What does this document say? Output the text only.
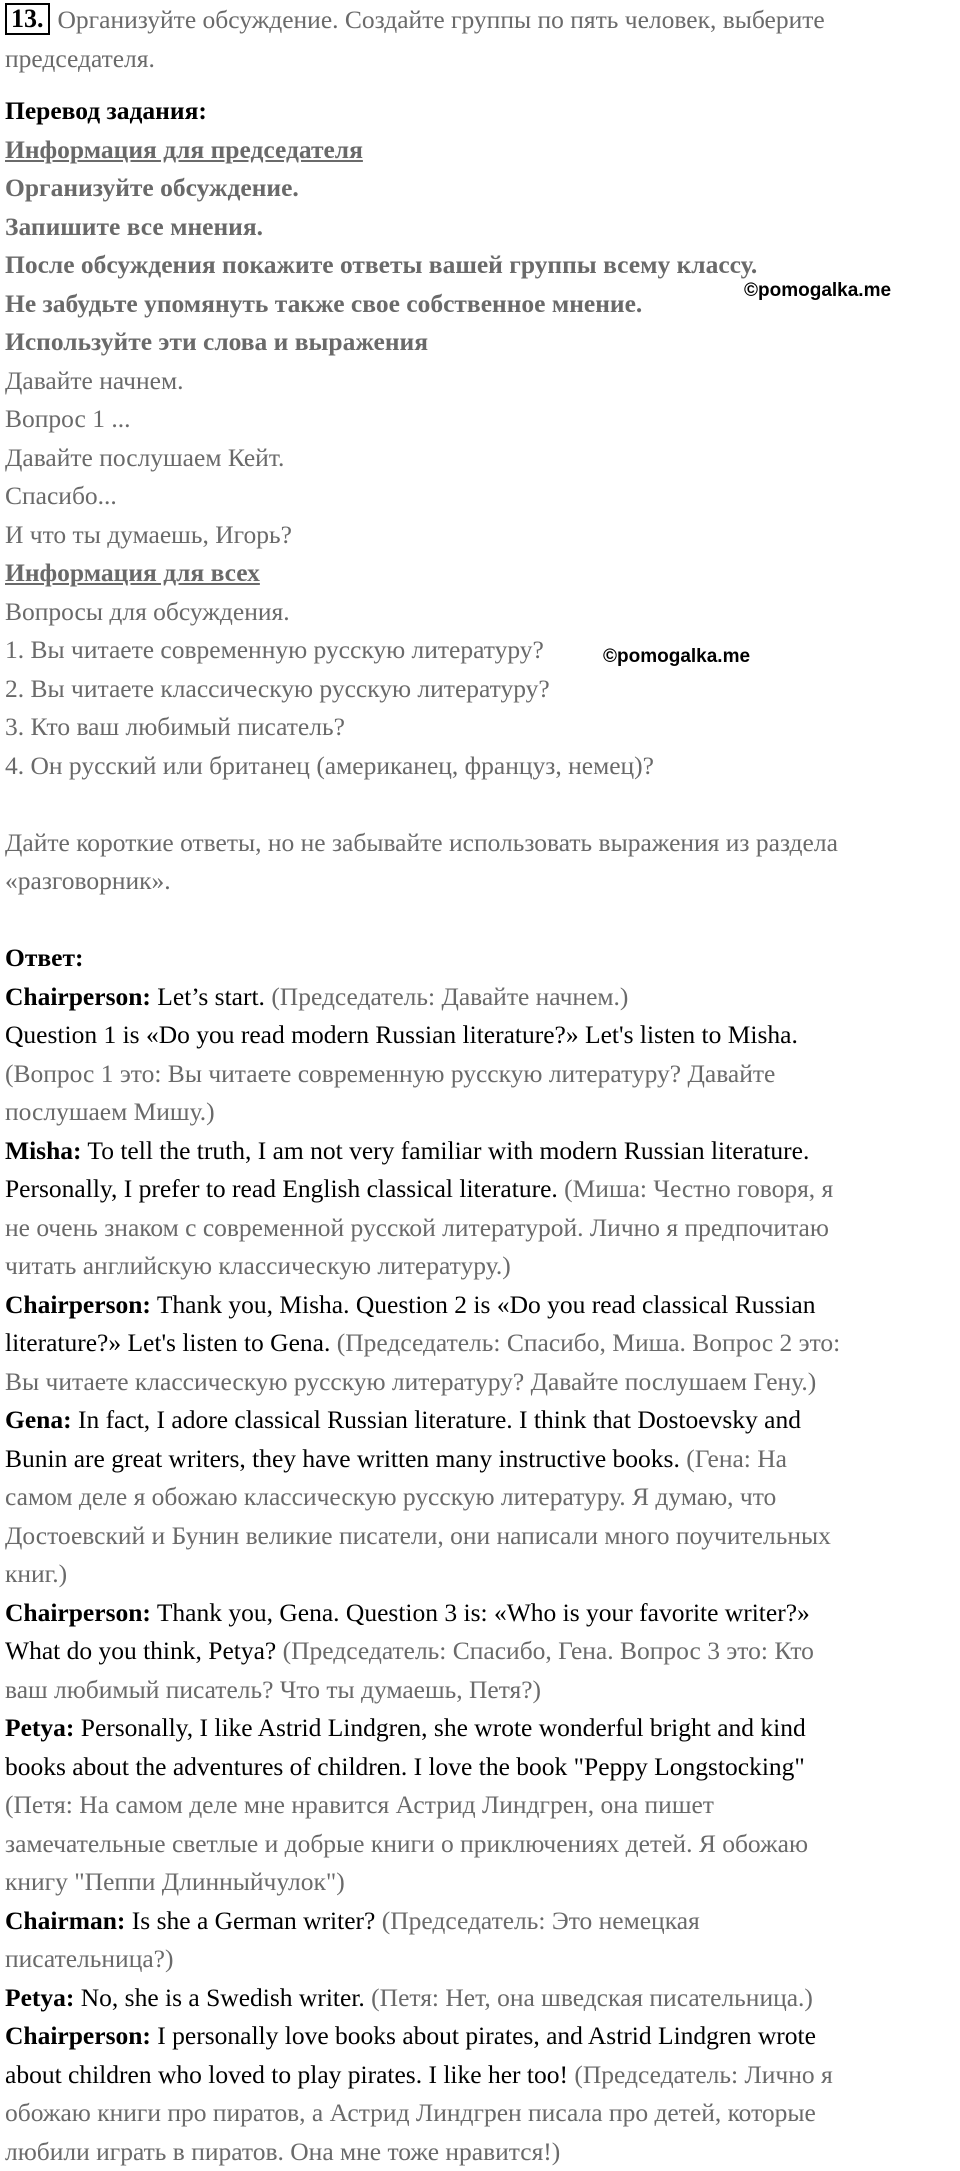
13. Организуйте обсуждение. Создайте группы по пять человек, выберите
председателя.
Перевод задания:
Информация для председателя
Организуйте обсуждение.
Запишите все мнения.
После обсуждения покажите ответы вашей группы всему классу.
Не забудьте упомянуть также свое собственное мнение.
Используйте эти слова и выражения
Давайте начнем.
Вопрос 1 ...
Давайте послушаем Кейт.
Спасибо...
И что ты думаешь, Игорь?
Информация для всех
Вопросы для обсуждения.
1. Вы читаете современную русскую литературу?
2. Вы читаете классическую русскую литературу?
3. Кто ваш любимый писатель?
4. Он русский или британец (американец, француз, немец)?
Дайте короткие ответы, но не забывайте использовать выражения из раздела
«разговорник».
Ответ:
Chairperson: Let’s start. (Председатель: Давайте начнем.)
Question 1 is «Do you read modern Russian literature?» Let's listen to Misha.
(Вопрос 1 это: Вы читаете современную русскую литературу? Давайте
послушаем Мишу.)
Misha: To tell the truth, I am not very familiar with modern Russian literature.
Personally, I prefer to read English classical literature. (Миша: Честно говоря, я
не очень знаком с современной русской литературой. Лично я предпочитаю
читать английскую классическую литературу.)
Chairperson: Thank you, Misha. Question 2 is «Do you read classical Russian
literature?» Let's listen to Gena. (Председатель: Спасибо, Миша. Вопрос 2 это:
Вы читаете классическую русскую литературу? Давайте послушаем Гену.)
Gena: In fact, I adore classical Russian literature. I think that Dostoevsky and
Bunin are great writers, they have written many instructive books. (Гена: На
самом деле я обожаю классическую русскую литературу. Я думаю, что
Достоевский и Бунин великие писатели, они написали много поучительных
книг.)
Chairperson: Thank you, Gena. Question 3 is: «Who is your favorite writer?»
What do you think, Petya? (Председатель: Спасибо, Гена. Вопрос 3 это: Кто
ваш любимый писатель? Что ты думаешь, Петя?)
Petya: Personally, I like Astrid Lindgren, she wrote wonderful bright and kind
books about the adventures of children. I love the book "Peppy Longstocking"
(Петя: На самом деле мне нравится Астрид Линдгрен, она пишет
замечательные светлые и добрые книги о приключениях детей. Я обожаю
книгу "Пеппи Длинныйчулок")
Chairman: Is she a German writer? (Председатель: Это немецкая
писательница?)
Petya: No, she is a Swedish writer. (Петя: Нет, она шведская писательница.)
Chairperson: I personally love books about pirates, and Astrid Lindgren wrote
about children who loved to play pirates. I like her too! (Председатель: Лично я
обожаю книги про пиратов, а Астрид Линдгрен писала про детей, которые
любили играть в пиратов. Она мне тоже нравится!)
©pomogalka.me
©pomogalka.me
